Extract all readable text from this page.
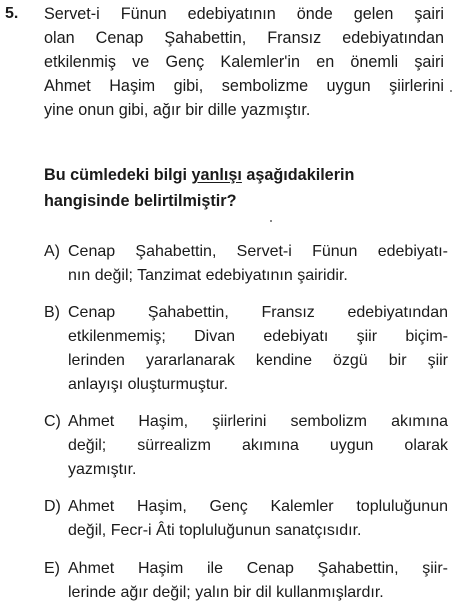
5. Servet-i Fünun edebiyatının önde gelen şairi
olan Cenap Şahabettin, Fransız edebiyatından
etkilenmiş ve Genç Kalemler'in en önemli şairi
Ahmet Haşim gibi, sembolizme uygun şiirlerini
yine onun gibi, ağır bir dille yazmıştır.
Bu cümledeki bilgi yanlışı aşağıdakilerin
hangisinde belirtilmiştir?
A) Cenap Şahabettin, Servet-i Fünun edebiyatı-
nın değil; Tanzimat edebiyatının şairidir.
B) Cenap Şahabettin, Fransız edebiyatından
etkilenmemiş; Divan edebiyatı şiir biçim-
lerinden yararlanarak kendine özgü bir şiir
anlayışı oluşturmuştur.
C) Ahmet Haşim, şiirlerini sembolizm akımına
değil; sürrealizm akımına uygun olarak
yazmıştır.
D) Ahmet Haşim, Genç Kalemler topluluğunun
değil, Fecr-i Âti topluluğunun sanatçısıdır.
E) Ahmet Haşim ile Cenap Şahabettin, şiir-
lerinde ağır değil; yalın bir dil kullanmışlardır.
